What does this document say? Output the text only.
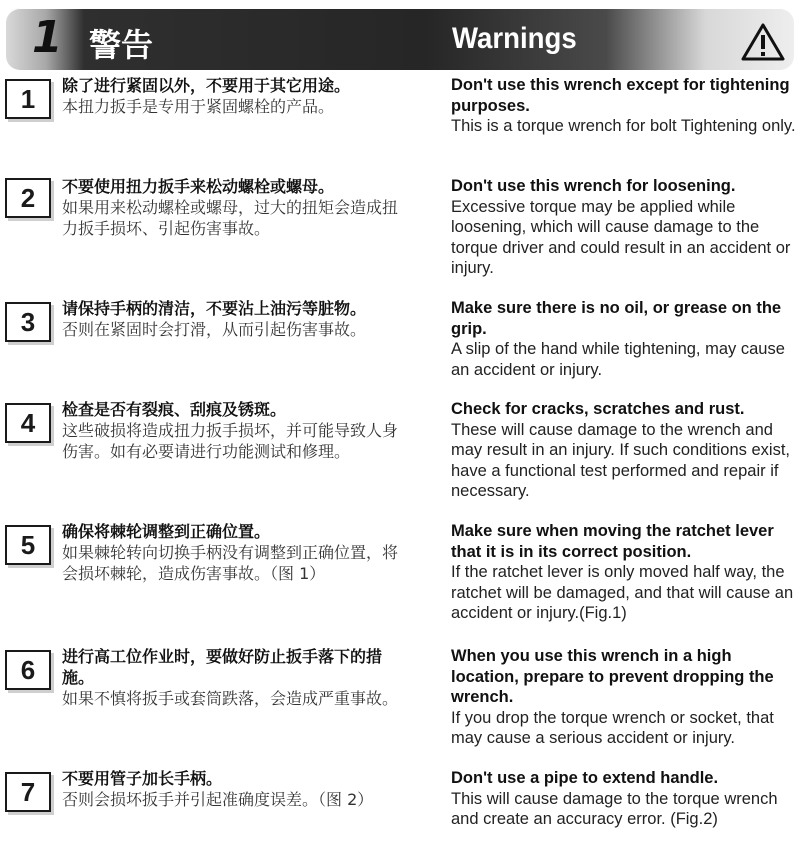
1 警告	Warnings
1	除了进行紧固以外，不要用于其它用途。
本扭力扳手是专用于紧固螺栓的产品。
Don't use this wrench except for tightening purposes.
This is a torque wrench for bolt Tightening only.
2	不要使用扭力扳手来松动螺栓或螺母。
如果用来松动螺栓或螺母，过大的扭矩会造成扭力扳手损坏、引起伤害事故。
Don't use this wrench for loosening.
Excessive torque may be applied while loosening, which will cause damage to the torque driver and could result in an accident or injury.
3	请保持手柄的清洁，不要沾上油污等脏物。
否则在紧固时会打滑，从而引起伤害事故。
Make sure there is no oil, or grease on the grip.
A slip of the hand while tightening, may cause an accident or injury.
4	检查是否有裂痕、刮痕及锈斑。
这些破损将造成扭力扳手损坏，并可能导致人身伤害。如有必要请进行功能测试和修理。
Check for cracks, scratches and rust.
These will cause damage to the wrench and may result in an injury. If such conditions exist, have a functional test performed and repair if necessary.
5	确保将棘轮调整到正确位置。
如果棘轮转向切换手柄没有调整到正确位置，将会损坏棘轮，造成伤害事故。（图 1）
Make sure when moving the ratchet lever that it is in its correct position.
If the ratchet lever is only moved half way, the ratchet will be damaged, and that will cause an accident or injury.(Fig.1)
6	进行高工位作业时，要做好防止扳手落下的措施。
如果不慎将扳手或套筒跌落，会造成严重事故。
When you use this wrench in a high location, prepare to prevent dropping the wrench.
If you drop the torque wrench or socket, that may cause a serious accident or injury.
7	不要用管子加长手柄。
否则会损坏扳手并引起准确度误差。（图 2）
Don't use a pipe to extend handle.
This will cause damage to the torque wrench and create an accuracy error. (Fig.2)
